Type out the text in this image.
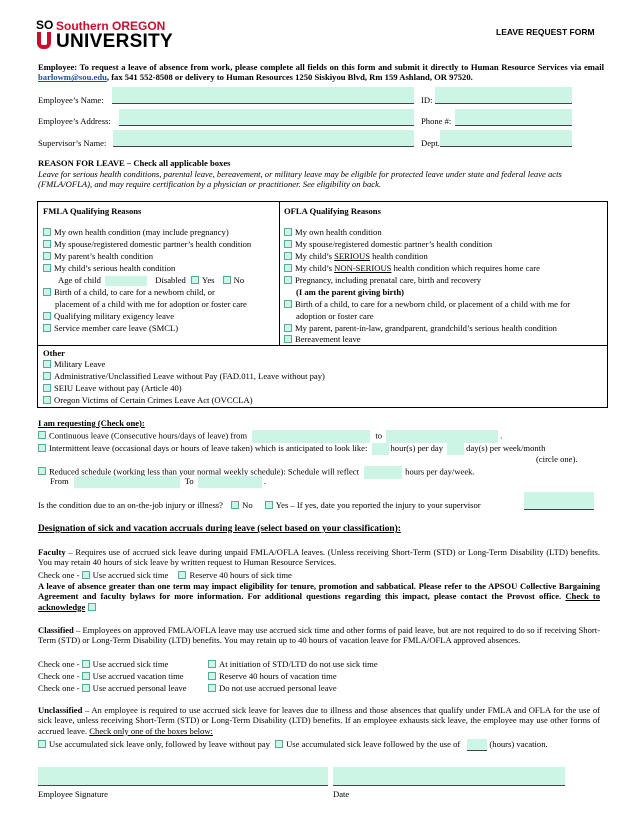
SO Southern OREGON
UNIVERSITY	LEAVE REQUEST FORM
Employee: To request a leave of absence from work, please complete all fields on this form and submit it directly to Human Resource Services via email barlowm@sou.edu, fax 541 552-8508 or delivery to Human Resources 1250 Siskiyou Blvd, Rm 159 Ashland, OR 97520.
Employee’s Name:	ID:
Employee’s Address:	Phone #:
Supervisor’s Name:	Dept.
REASON FOR LEAVE – Check all applicable boxes
Leave for serious health conditions, parental leave, bereavement, or military leave may be eligible for protected leave under state and federal leave acts (FMLA/OFLA), and may require certification by a physician or practitioner. See eligibility on back.
FMLA Qualifying Reasons
My own health condition (may include pregnancy)
My spouse/registered domestic partner’s health condition
My parent’s health condition
My child’s serious health condition
Age of child	Disabled Yes No
Birth of a child, to care for a newborn child, or
placement of a child with me for adoption or foster care
Qualifying military exigency leave
Service member care leave (SMCL)
OFLA Qualifying Reasons
My own health condition
My spouse/registered domestic partner’s health condition
My child’s SERIOUS health condition
My child’s NON-SERIOUS health condition which requires home care
Pregnancy, including prenatal care, birth and recovery
(I am the parent giving birth)
Birth of a child, to care for a newborn child, or placement of a child with me for
adoption or foster care
My parent, parent-in-law, grandparent, grandchild’s serious health condition
Bereavement leave
Other
Military Leave
Administrative/Unclassified Leave without Pay (FAD.011, Leave without pay)
SEIU Leave without pay (Article 40)
Oregon Victims of Certain Crimes Leave Act (OVCCLA)
I am requesting (Check one):
Continuous leave (Consecutive hours/days of leave) from	to	.
Intermittent leave (occasional days or hours of leave taken) which is anticipated to look like:	hour(s) per day	day(s) per week/month
(circle one).
Reduced schedule (working less than your normal weekly schedule): Schedule will reflect	hours per day/week.
From	To	.
Is the condition due to an on-the-job injury or illness? No	Yes – If yes, date you reported the injury to your supervisor
Designation of sick and vacation accruals during leave (select based on your classification):
Faculty – Requires use of accrued sick leave during unpaid FMLA/OFLA leaves. (Unless receiving Short-Term (STD) or Long-Term Disability (LTD) benefits. You may retain 40 hours of sick leave by written request to Human Resource Services.
Check one - Use accrued sick time Reserve 40 hours of sick time
A leave of absence greater than one term may impact eligibility for tenure, promotion and sabbatical. Please refer to the APSOU Collective Bargaining Agreement and faculty bylaws for more information. For additional questions regarding this impact, please contact the Provost office. Check to acknowledge
Classified – Employees on approved FMLA/OFLA leave may use accrued sick time and other forms of paid leave, but are not required to do so if receiving Short-Term (STD) or Long-Term Disability (LTD) benefits. You may retain up to 40 hours of vacation leave for FMLA/OFLA approved absences.
Check one - Use accrued sick time	At initiation of STD/LTD do not use sick time
Check one - Use accrued vacation time	Reserve 40 hours of vacation time
Check one - Use accrued personal leave	Do not use accrued personal leave
Unclassified – An employee is required to use accrued sick leave for leaves due to illness and those absences that qualify under FMLA and OFLA for the use of sick leave, unless receiving Short-Term (STD) or Long-Term Disability (LTD) benefits. If an employee exhausts sick leave, the employee may use other forms of accrued leave. Check only one of the boxes below:
Use accumulated sick leave only, followed by leave without pay Use accumulated sick leave followed by the use of	(hours) vacation.
Employee Signature	Date
